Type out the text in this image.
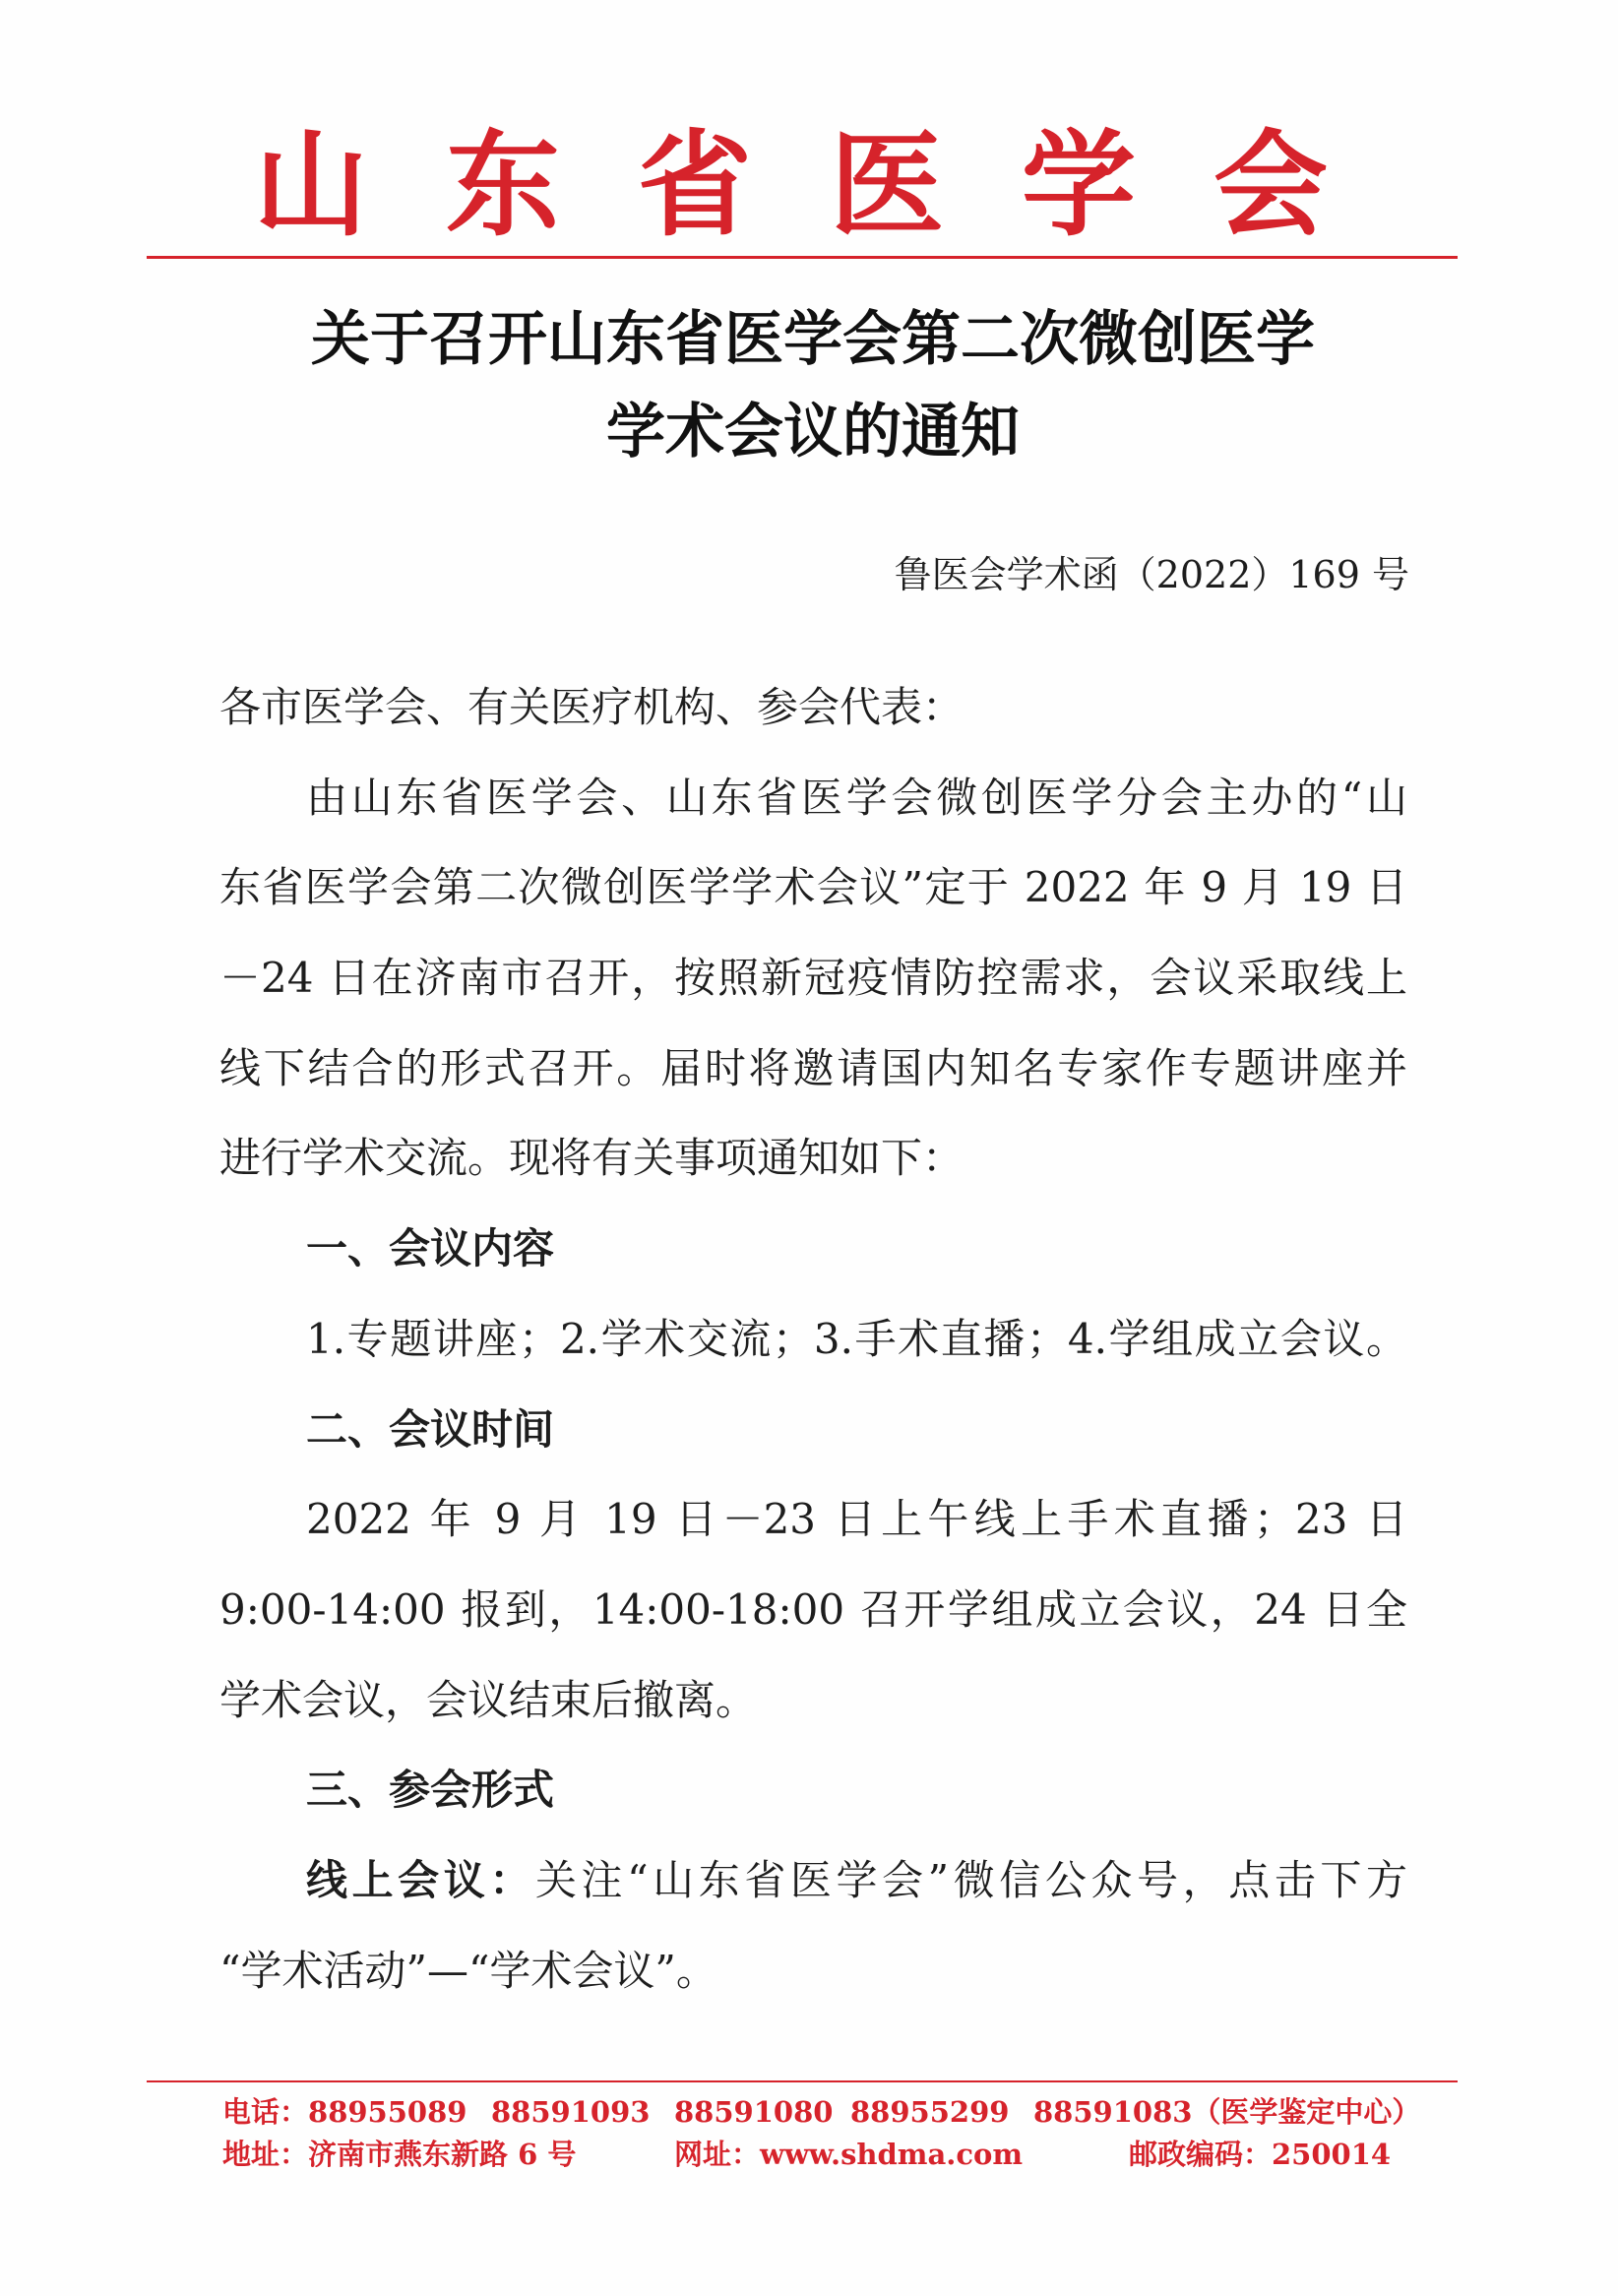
山东省医学会
关于召开山东省医学会第二次微创医学
学术会议的通知
鲁医会学术函（2022）169 号
各市医学会、有关医疗机构、参会代表：
由山东省医学会、山东省医学会微创医学分会主办的“山
东省医学会第二次微创医学学术会议”定于 2022 年 9 月 19 日
－24 日在济南市召开，按照新冠疫情防控需求，会议采取线上
线下结合的形式召开。届时将邀请国内知名专家作专题讲座并
进行学术交流。现将有关事项通知如下：
一、会议内容
1.专题讲座；2.学术交流；3.手术直播；4.学组成立会议。
二、会议时间
2022 年 9 月 19 日－23 日上午线上手术直播；23 日
9:00-14:00 报到，14:00-18:00 召开学组成立会议，24 日全
学术会议，会议结束后撤离。
三、参会形式
线上会议：关注“山东省医学会”微信公众号，点击下方
“学术活动”—“学术会议”。
电话：88955089 88591093 88591080 88955299 88591083（医学鉴定中心）
地址：济南市燕东新路 6 号	网址：www.shdma.com	邮政编码：250014
